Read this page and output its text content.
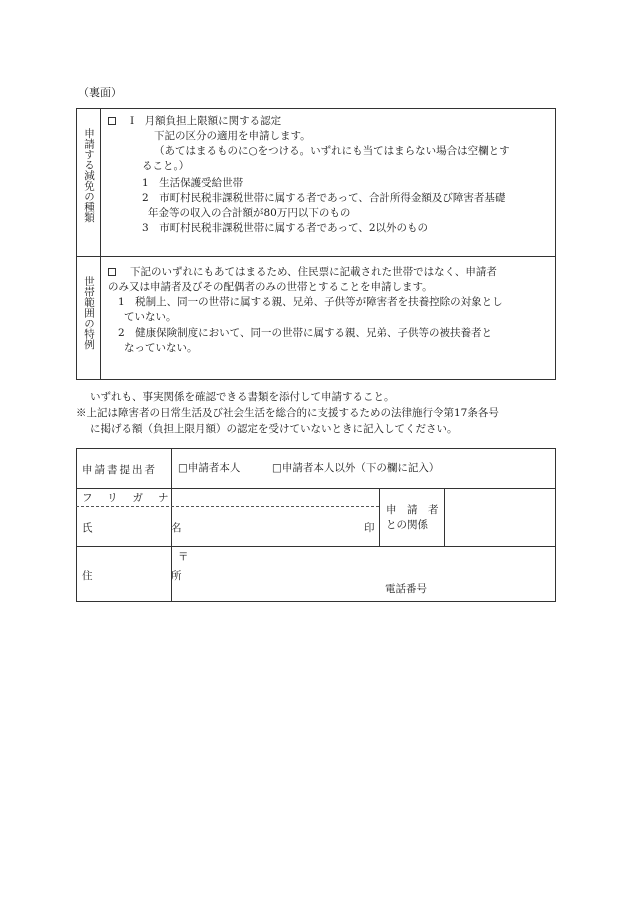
（裏面）
申請する減免の種類
Ⅰ　月額負担上限額に関する認定
下記の区分の適用を申請します。
（あてはまるものに○をつける。いずれにも当てはまらない場合は空欄とす
ること。）
1　生活保護受給世帯
2　市町村民税非課税世帯に属する者であって、合計所得金額及び障害者基礎
年金等の収入の合計額が80万円以下のもの
3　市町村民税非課税世帯に属する者であって、2以外のもの
世帯範囲の特例
下記のいずれにもあてはまるため、住民票に記載された世帯ではなく、申請者
のみ又は申請者及びその配偶者のみの世帯とすることを申請します。
1　税制上、同一の世帯に属する親、兄弟、子供等が障害者を扶養控除の対象とし
ていない。
2　健康保険制度において、同一の世帯に属する親、兄弟、子供等の被扶養者と
なっていない。
いずれも、事実関係を確認できる書類を添付して申請すること。
※上記は障害者の日常生活及び社会生活を総合的に支援するための法律施行令第17条各号
に掲げる額（負担上限月額）の認定を受けていないときに記入してください。
申請書提出者 □申請者本人	□申請者本人以外（下の欄に記入）
フリガナ
氏　名	印
申　請　者
との関係
住　所
〒
電話番号
